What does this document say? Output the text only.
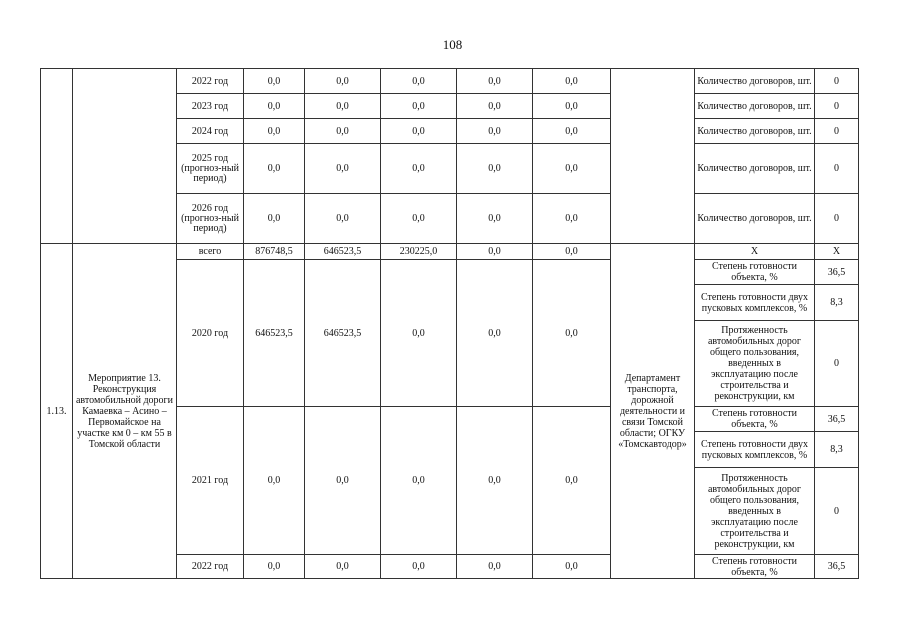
108
		2022 год	0,0	0,0	0,0	0,0	0,0		Количество договоров, шт.	0
		2023 год	0,0	0,0	0,0	0,0	0,0		Количество договоров, шт.	0
		2024 год	0,0	0,0	0,0	0,0	0,0		Количество договоров, шт.	0
		2025 год (прогноз-ный период)	0,0	0,0	0,0	0,0	0,0		Количество договоров, шт.	0
		2026 год (прогноз-ный период)	0,0	0,0	0,0	0,0	0,0		Количество договоров, шт.	0
1.13.	Мероприятие 13. Реконструкция автомобильной дороги Камаевка – Асино – Первомайское на участке км 0 – км 55 в Томской области	всего	876748,5	646523,5	230225,0	0,0	0,0	Департамент транспорта, дорожной деятельности и связи Томской области; ОГКУ «Томскавтодор»	Х	Х
		2020 год	646523,5	646523,5	0,0	0,0	0,0		Степень готовности объекта, %	36,5
									Степень готовности двух пусковых комплексов, %	8,3
									Протяженность автомобильных дорог общего пользования, введенных в эксплуатацию после строительства и реконструкции, км	0
		2021 год	0,0	0,0	0,0	0,0	0,0		Степень готовности объекта, %	36,5
									Степень готовности двух пусковых комплексов, %	8,3
									Протяженность автомобильных дорог общего пользования, введенных в эксплуатацию после строительства и реконструкции, км	0
		2022 год	0,0	0,0	0,0	0,0	0,0		Степень готовности объекта, %	36,5
